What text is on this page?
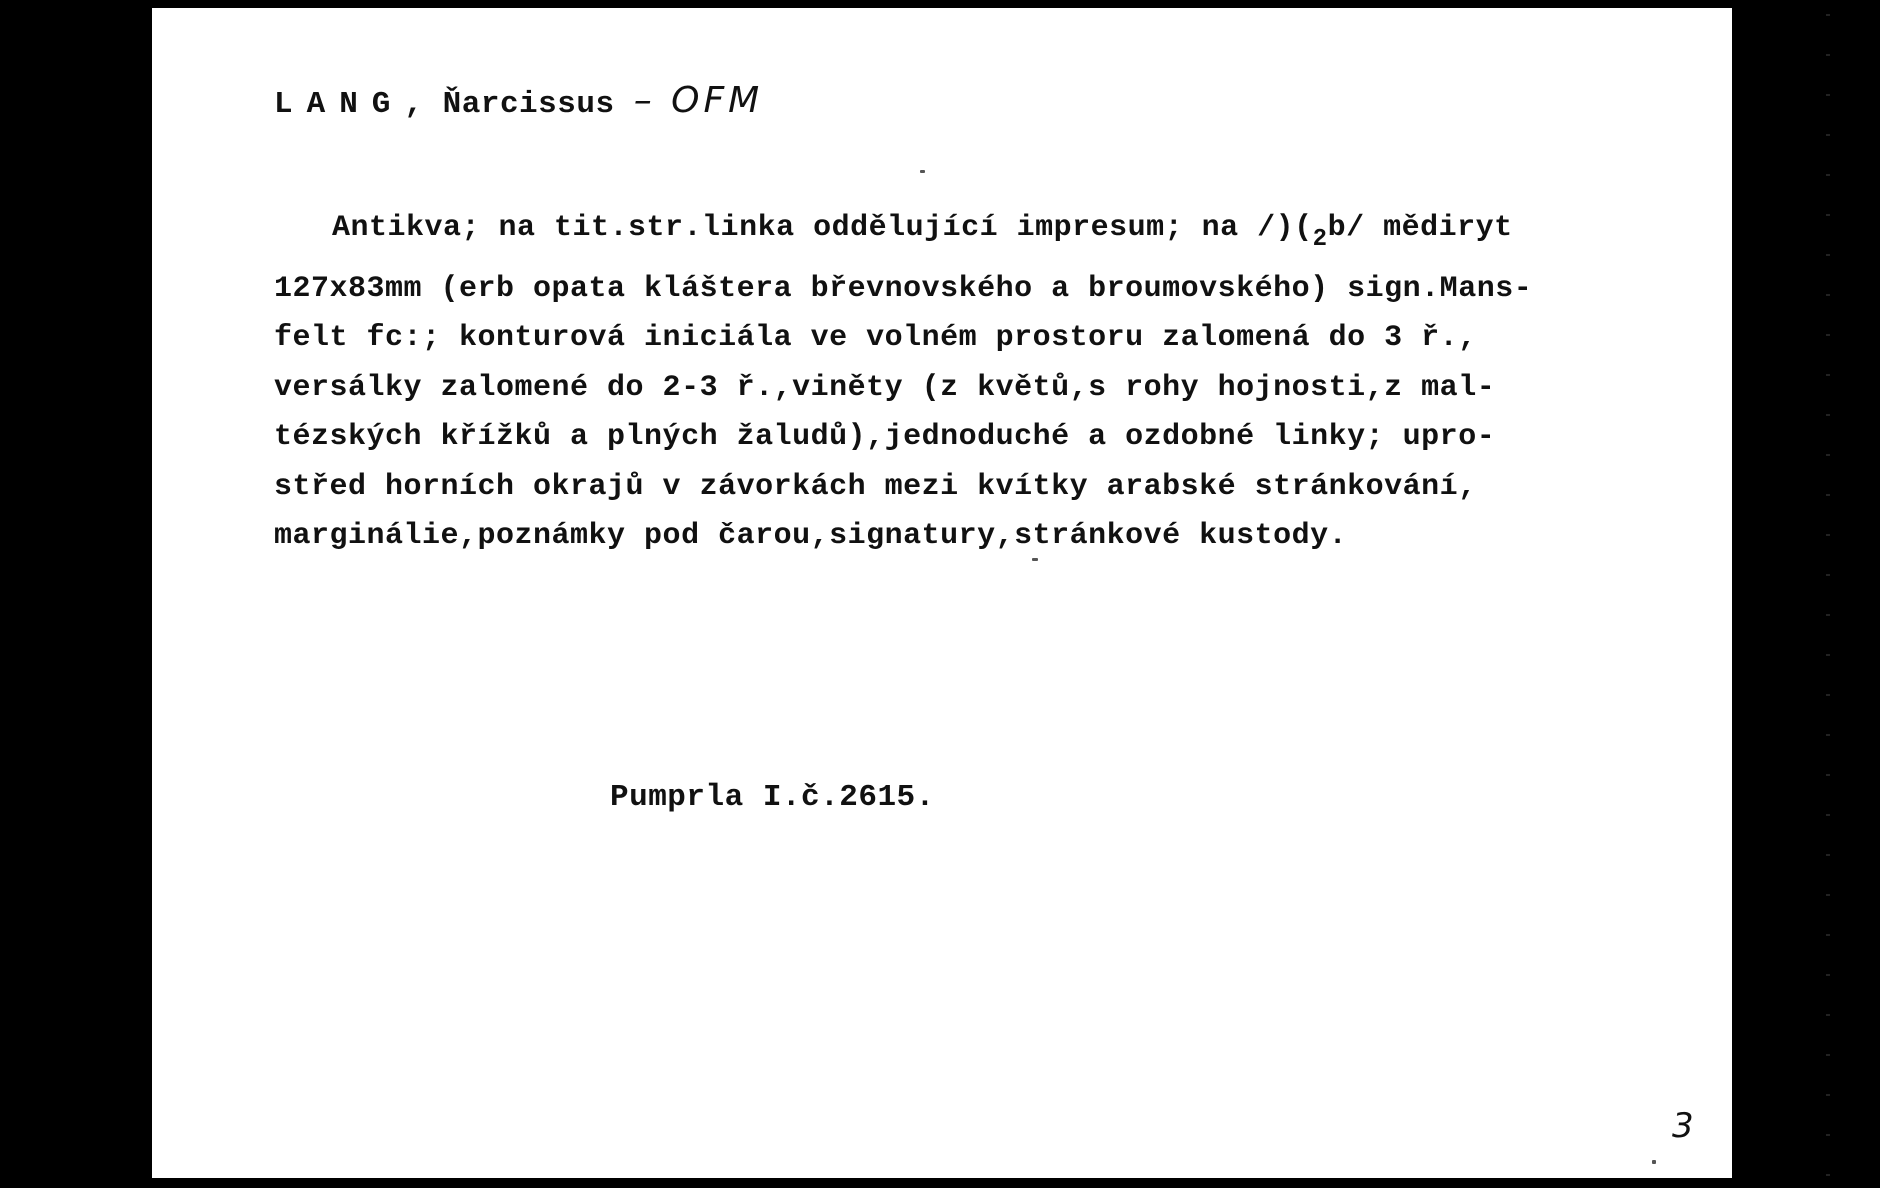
LANG, Ňarcissus – OFM
Antikva; na tit.str.linka oddělující impresum; na $/)(_2b/$ mědiryt
127x83mm (erb opata kláštera břevnovského a broumovského) sign.Mans-
felt fc:; konturová iniciála ve volném prostoru zalomená do 3 ř.,
versálky zalomené do 2-3 ř.,viněty (z květů,s rohy hojnosti,z mal-
tézských křížků a plných žaludů),jednoduché a ozdobné linky; upro-
střed horních okrajů v závorkách mezi kvítky arabské stránkování,
marginálie,poznámky pod čarou,signatury,stránkové kustody.
Pumprla I.č.2615.
3
